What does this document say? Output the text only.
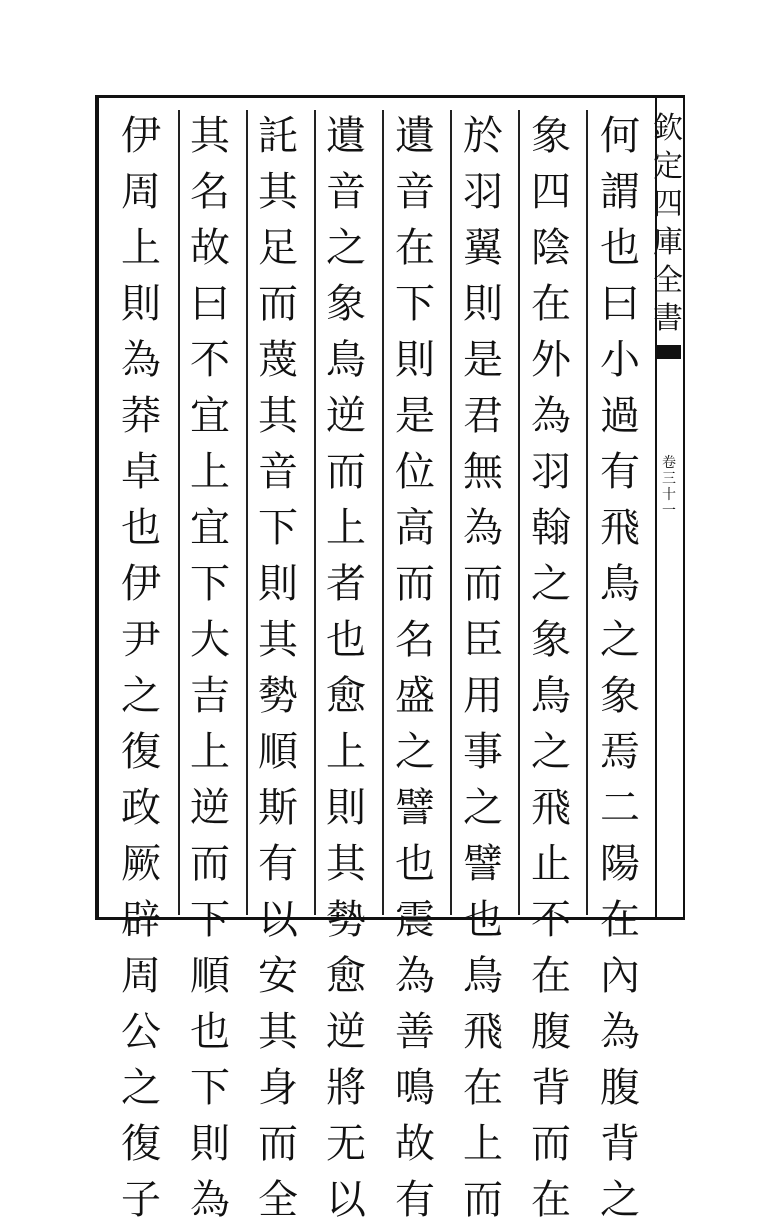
欽
定
四
庫
全
書
卷
三
十
一
何
謂
也
曰
小
過
有
飛
鳥
之
象
焉
二
陽
在
內
為
腹
背
之
象
四
陰
在
外
為
羽
翰
之
象
鳥
之
飛
止
不
在
腹
背
而
在
於
羽
翼
則
是
君
無
為
而
臣
用
事
之
譬
也
鳥
飛
在
上
而
遺
音
在
下
則
是
位
高
而
名
盛
之
譬
也
震
為
善
鳴
故
有
遺
音
之
象
鳥
逆
而
上
者
也
愈
上
則
其
勢
愈
逆
將
无
以
託
其
足
而
蔑
其
音
下
則
其
勢
順
斯
有
以
安
其
身
而
全
其
名
故
曰
不
宜
上
宜
下
大
吉
上
逆
而
下
順
也
下
則
為
伊
周
上
則
為
莽
卓
也
伊
尹
之
復
政
厥
辟
周
公
之
復
子
